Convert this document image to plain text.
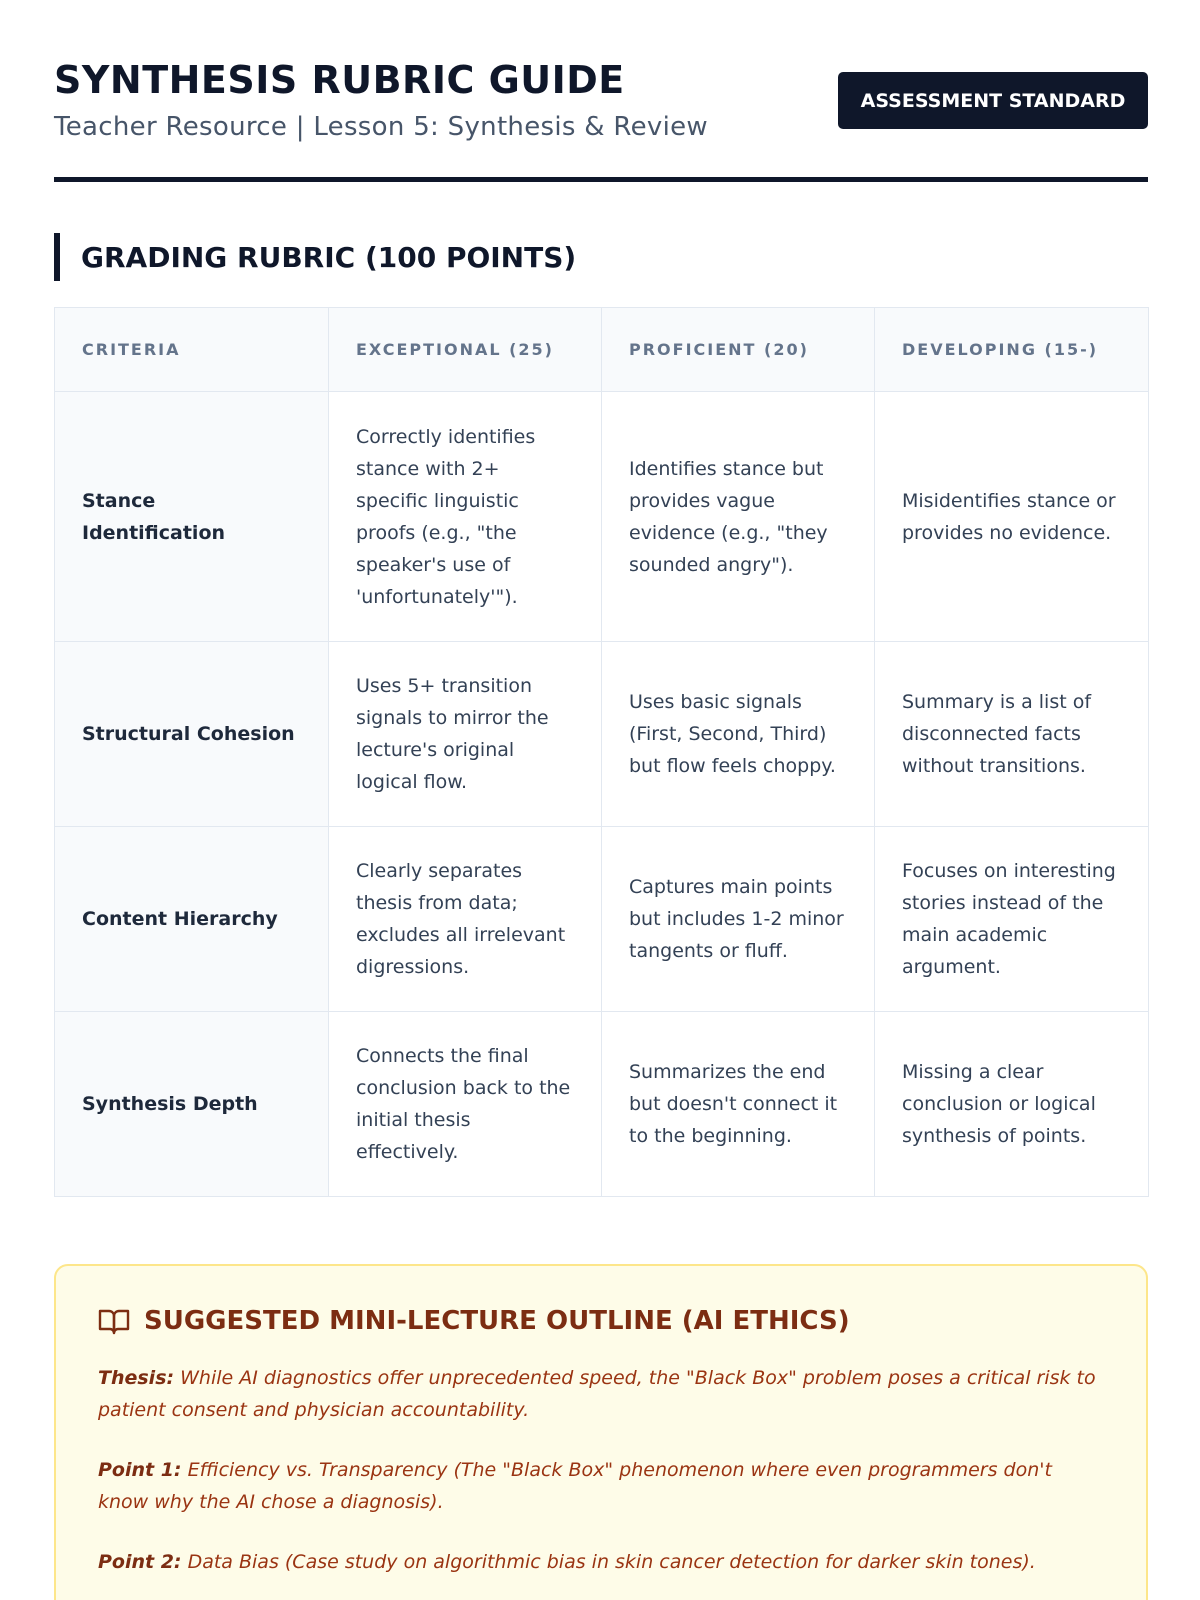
SYNTHESIS RUBRIC GUIDE
Teacher Resource | Lesson 5: Synthesis & Review
ASSESSMENT STANDARD
GRADING RUBRIC (100 POINTS)
CRITERIA	EXCEPTIONAL (25)	PROFICIENT (20)	DEVELOPING (15-)
Stance Identification	Correctly identifies stance with 2+ specific linguistic proofs (e.g., "the speaker's use of 'unfortunately'").	Identifies stance but provides vague evidence (e.g., "they sounded angry").	Misidentifies stance or provides no evidence.
Structural Cohesion	Uses 5+ transition signals to mirror the lecture's original logical flow.	Uses basic signals (First, Second, Third) but flow feels choppy.	Summary is a list of disconnected facts without transitions.
Content Hierarchy	Clearly separates thesis from data; excludes all irrelevant digressions.	Captures main points but includes 1-2 minor tangents or fluff.	Focuses on interesting stories instead of the main academic argument.
Synthesis Depth	Connects the final conclusion back to the initial thesis effectively.	Summarizes the end but doesn't connect it to the beginning.	Missing a clear conclusion or logical synthesis of points.
SUGGESTED MINI-LECTURE OUTLINE (AI ETHICS)

Thesis: While AI diagnostics offer unprecedented speed, the "Black Box" problem poses a critical risk to patient consent and physician accountability.

Point 1: Efficiency vs. Transparency (The "Black Box" phenomenon where even programmers don't know why the AI chose a diagnosis).

Point 2: Data Bias (Case study on algorithmic bias in skin cancer detection for darker skin tones).
